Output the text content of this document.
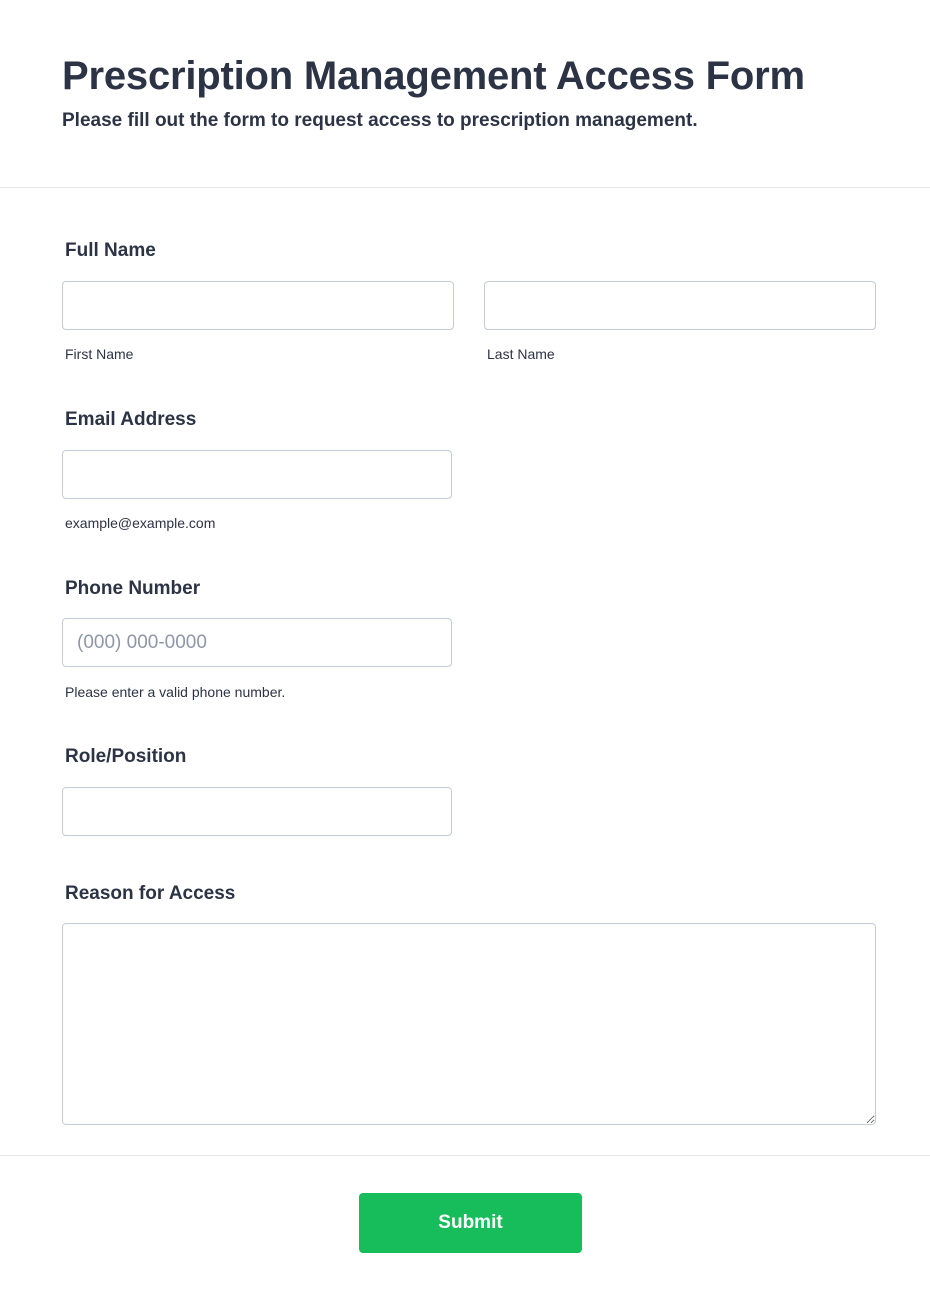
Prescription Management Access Form

Please fill out the form to request access to prescription management.

Full Name
First Name	Last Name
Email Address
example@example.com
Phone Number
(000) 000-0000
Please enter a valid phone number.
Role/Position
Reason for Access
Submit
